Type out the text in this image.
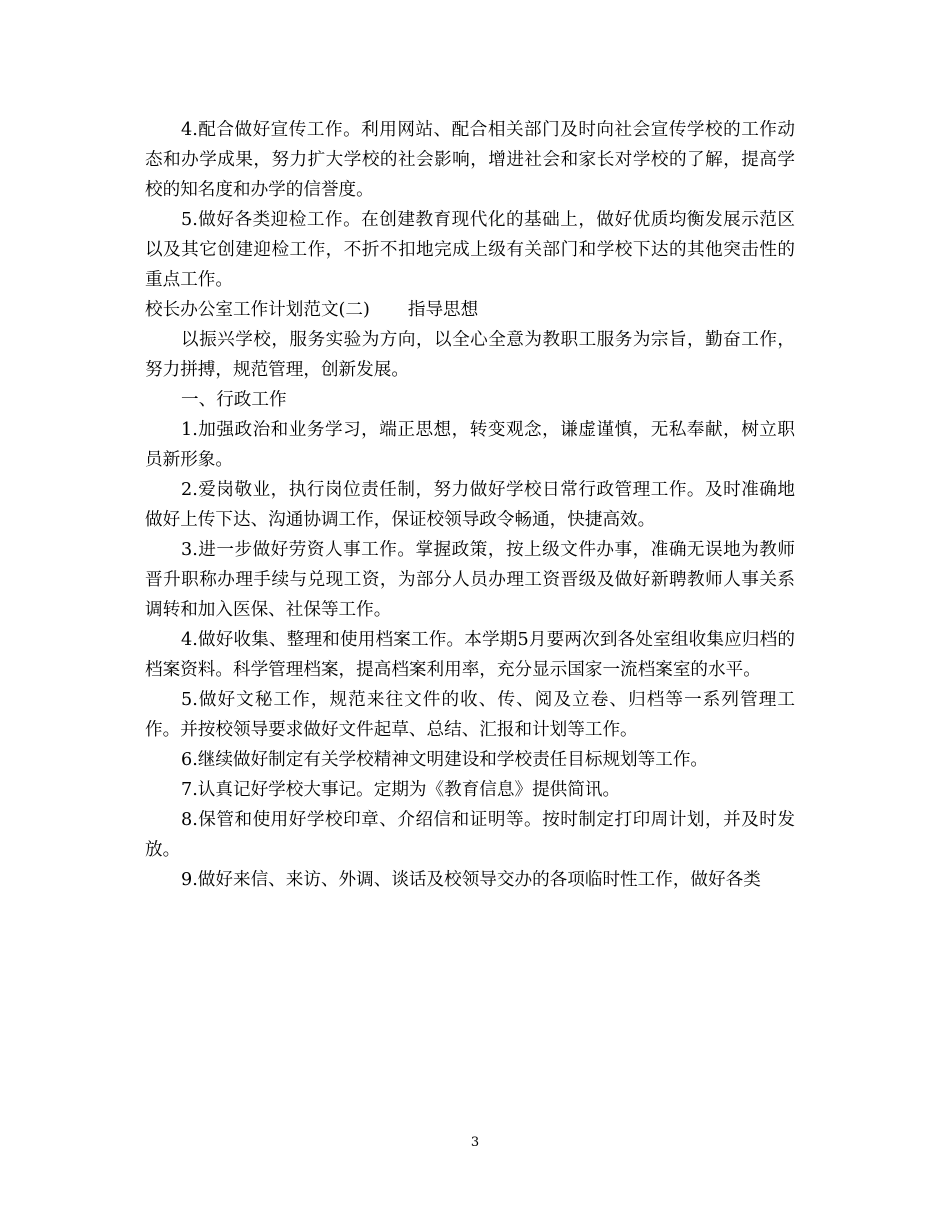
4.配合做好宣传工作。利用网站、配合相关部门及时向社会宣传学校的工作动态和办学成果，努力扩大学校的社会影响，增进社会和家长对学校的了解，提高学校的知名度和办学的信誉度。

5.做好各类迎检工作。在创建教育现代化的基础上，做好优质均衡发展示范区以及其它创建迎检工作，不折不扣地完成上级有关部门和学校下达的其他突击性的重点工作。

校长办公室工作计划范文(二) 指导思想

以振兴学校，服务实验为方向，以全心全意为教职工服务为宗旨，勤奋工作，努力拼搏，规范管理，创新发展。

一、行政工作

1.加强政治和业务学习，端正思想，转变观念，谦虚谨慎，无私奉献，树立职员新形象。

2.爱岗敬业，执行岗位责任制，努力做好学校日常行政管理工作。及时准确地做好上传下达、沟通协调工作，保证校领导政令畅通，快捷高效。

3.进一步做好劳资人事工作。掌握政策，按上级文件办事，准确无误地为教师晋升职称办理手续与兑现工资，为部分人员办理工资晋级及做好新聘教师人事关系调转和加入医保、社保等工作。

4.做好收集、整理和使用档案工作。本学期5月要两次到各处室组收集应归档的档案资料。科学管理档案，提高档案利用率，充分显示国家一流档案室的水平。

5.做好文秘工作，规范来往文件的收、传、阅及立卷、归档等一系列管理工作。并按校领导要求做好文件起草、总结、汇报和计划等工作。

6.继续做好制定有关学校精神文明建设和学校责任目标规划等工作。

7.认真记好学校大事记。定期为《教育信息》提供简讯。

8.保管和使用好学校印章、介绍信和证明等。按时制定打印周计划，并及时发放。

9.做好来信、来访、外调、谈话及校领导交办的各项临时性工作，做好各类

3
